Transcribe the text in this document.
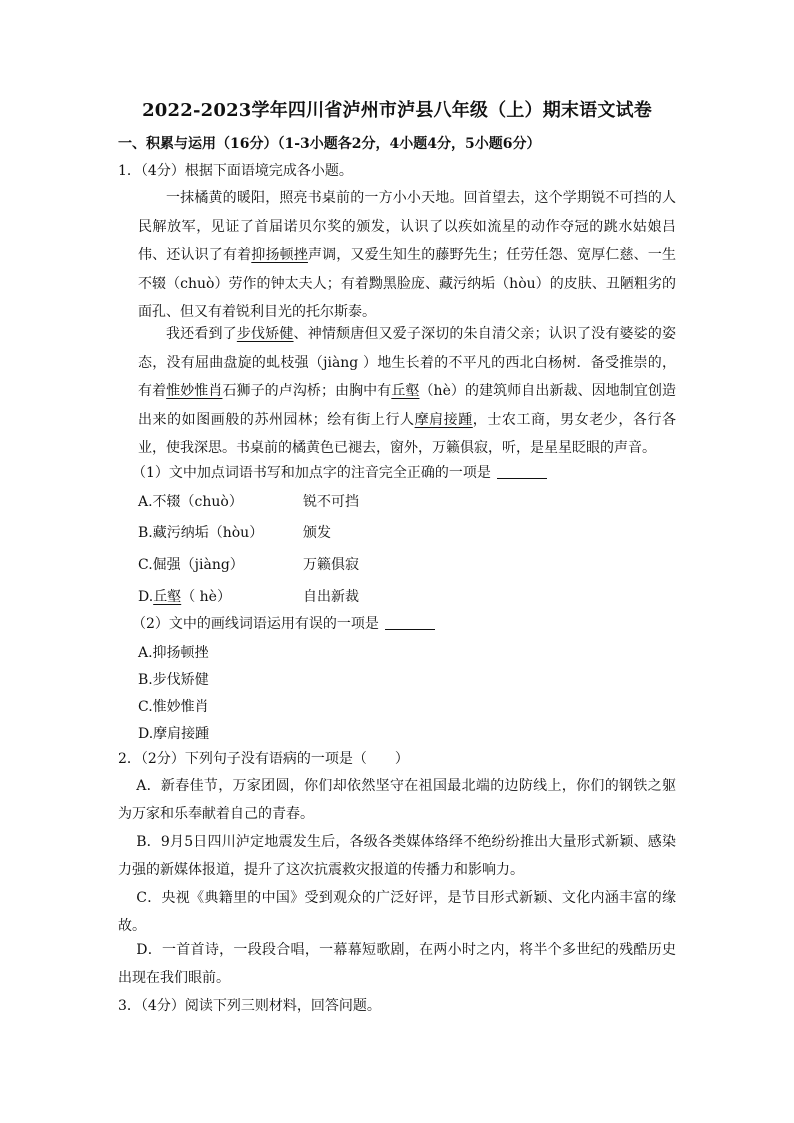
2022-2023学年四川省泸州市泸县八年级（上）期末语文试卷
一、积累与运用（16分）（1-3小题各2分，4小题4分，5小题6分）
1．（4分）根据下面语境完成各小题。
一抹橘黄的暖阳，照亮书桌前的一方小小天地。回首望去，这个学期锐不可挡的人民解放军，见证了首届诺贝尔奖的颁发，认识了以疾如流星的动作夺冠的跳水姑娘吕伟、还认识了有着抑扬顿挫声调，又爱生知生的藤野先生；任劳任怨、宽厚仁慈、一生不辍（chuò）劳作的钟太夫人；有着黝黑脸庞、藏污纳垢（hòu）的皮肤、丑陋粗劣的面孔、但又有着锐利目光的托尔斯泰。
我还看到了步伐矫健、神情颓唐但又爱子深切的朱自清父亲；认识了没有婆娑的姿态，没有屈曲盘旋的虬枝强（jiàng ）地生长着的不平凡的西北白杨树．备受推崇的，有着惟妙惟肖石狮子的卢沟桥；由胸中有丘壑（hè）的建筑师自出新裁、因地制宜创造出来的如图画般的苏州园林；绘有街上行人摩肩接踵，士农工商，男女老少，各行各业，使我深思。书桌前的橘黄色已褪去，窗外，万籁俱寂，听，是星星眨眼的声音。
（1）文中加点词语书写和加点字的注音完全正确的一项是
A.不辍（chuò）	锐不可挡
B.藏污纳垢（hòu）	颁发
C.倔强（jiàng）	万籁俱寂
D.丘壑（ hè）	自出新裁
（2）文中的画线词语运用有误的一项是
A.抑扬顿挫
B.步伐矫健
C.惟妙惟肖
D.摩肩接踵
2．（2分）下列句子没有语病的一项是（　　）
A．新春佳节，万家团圆，你们却依然坚守在祖国最北端的边防线上，你们的钢铁之躯为万家和乐奉献着自己的青春。
B．9月5日四川泸定地震发生后，各级各类媒体络绎不绝纷纷推出大量形式新颖、感染力强的新媒体报道，提升了这次抗震救灾报道的传播力和影响力。
C．央视《典籍里的中国》受到观众的广泛好评，是节目形式新颖、文化内涵丰富的缘故。
D．一首首诗，一段段合唱，一幕幕短歌剧，在两小时之内，将半个多世纪的残酷历史出现在我们眼前。
3．（4分）阅读下列三则材料，回答问题。
